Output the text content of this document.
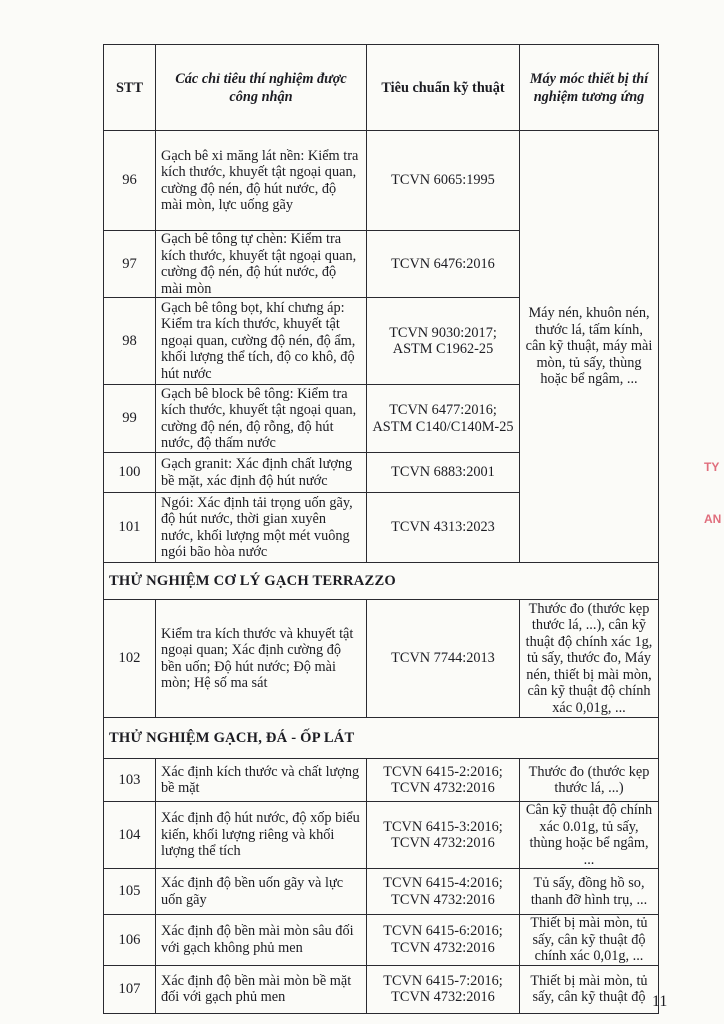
STT	Các chỉ tiêu thí nghiệm được công nhận	Tiêu chuẩn kỹ thuật	Máy móc thiết bị thí nghiệm tương ứng
96	Gạch bê xi măng lát nền: Kiểm tra kích thước, khuyết tật ngoại quan, cường độ nén, độ hút nước, độ mài mòn, lực uống gãy	TCVN 6065:1995	Máy nén, khuôn nén, thước lá, tấm kính, cân kỹ thuật, máy mài mòn, tủ sấy, thùng hoặc bể ngâm, ...
97	Gạch bê tông tự chèn: Kiểm tra kích thước, khuyết tật ngoại quan, cường độ nén, độ hút nước, độ mài mòn	TCVN 6476:2016	
98	Gạch bê tông bọt, khí chưng áp: Kiểm tra kích thước, khuyết tật ngoại quan, cường độ nén, độ ẩm, khối lượng thể tích, độ co khô, độ hút nước	TCVN 9030:2017; ASTM C1962-25	
99	Gạch bê block bê tông: Kiểm tra kích thước, khuyết tật ngoại quan, cường độ nén, độ rỗng, độ hút nước, độ thấm nước	TCVN 6477:2016; ASTM C140/C140M-25	
100	Gạch granit: Xác định chất lượng bề mặt, xác định độ hút nước	TCVN 6883:2001	
101	Ngói: Xác định tải trọng uốn gãy, độ hút nước, thời gian xuyên nước, khối lượng một mét vuông ngói bão hòa nước	TCVN 4313:2023	
THỬ NGHIỆM CƠ LÝ GẠCH TERRAZZO			
102	Kiểm tra kích thước và khuyết tật ngoại quan; Xác định cường độ bền uốn; Độ hút nước; Độ mài mòn; Hệ số ma sát	TCVN 7744:2013	Thước đo (thước kẹp thước lá, ...), cân kỹ thuật độ chính xác 1g, tủ sấy, thước đo, Máy nén, thiết bị mài mòn, cân kỹ thuật độ chính xác 0,01g, ...
THỬ NGHIỆM GẠCH, ĐÁ - ỐP LÁT			
103	Xác định kích thước và chất lượng bề mặt	TCVN 6415-2:2016; TCVN 4732:2016	Thước đo (thước kẹp thước lá, ...)
104	Xác định độ hút nước, độ xốp biểu kiến, khối lượng riêng và khối lượng thể tích	TCVN 6415-3:2016; TCVN 4732:2016	Cân kỹ thuật độ chính xác 0.01g, tủ sấy, thùng hoặc bể ngâm, ...
105	Xác định độ bền uốn gãy và lực uốn gãy	TCVN 6415-4:2016; TCVN 4732:2016	Tủ sấy, đồng hồ so, thanh đỡ hình trụ, ...
106	Xác định độ bền mài mòn sâu đối với gạch không phủ men	TCVN 6415-6:2016; TCVN 4732:2016	Thiết bị mài mòn, tủ sấy, cân kỹ thuật độ chính xác 0,01g, ...
107	Xác định độ bền mài mòn bề mặt đối với gạch phủ men	TCVN 6415-7:2016; TCVN 4732:2016	Thiết bị mài mòn, tủ sấy, cân kỹ thuật độ
TY
AN
11
